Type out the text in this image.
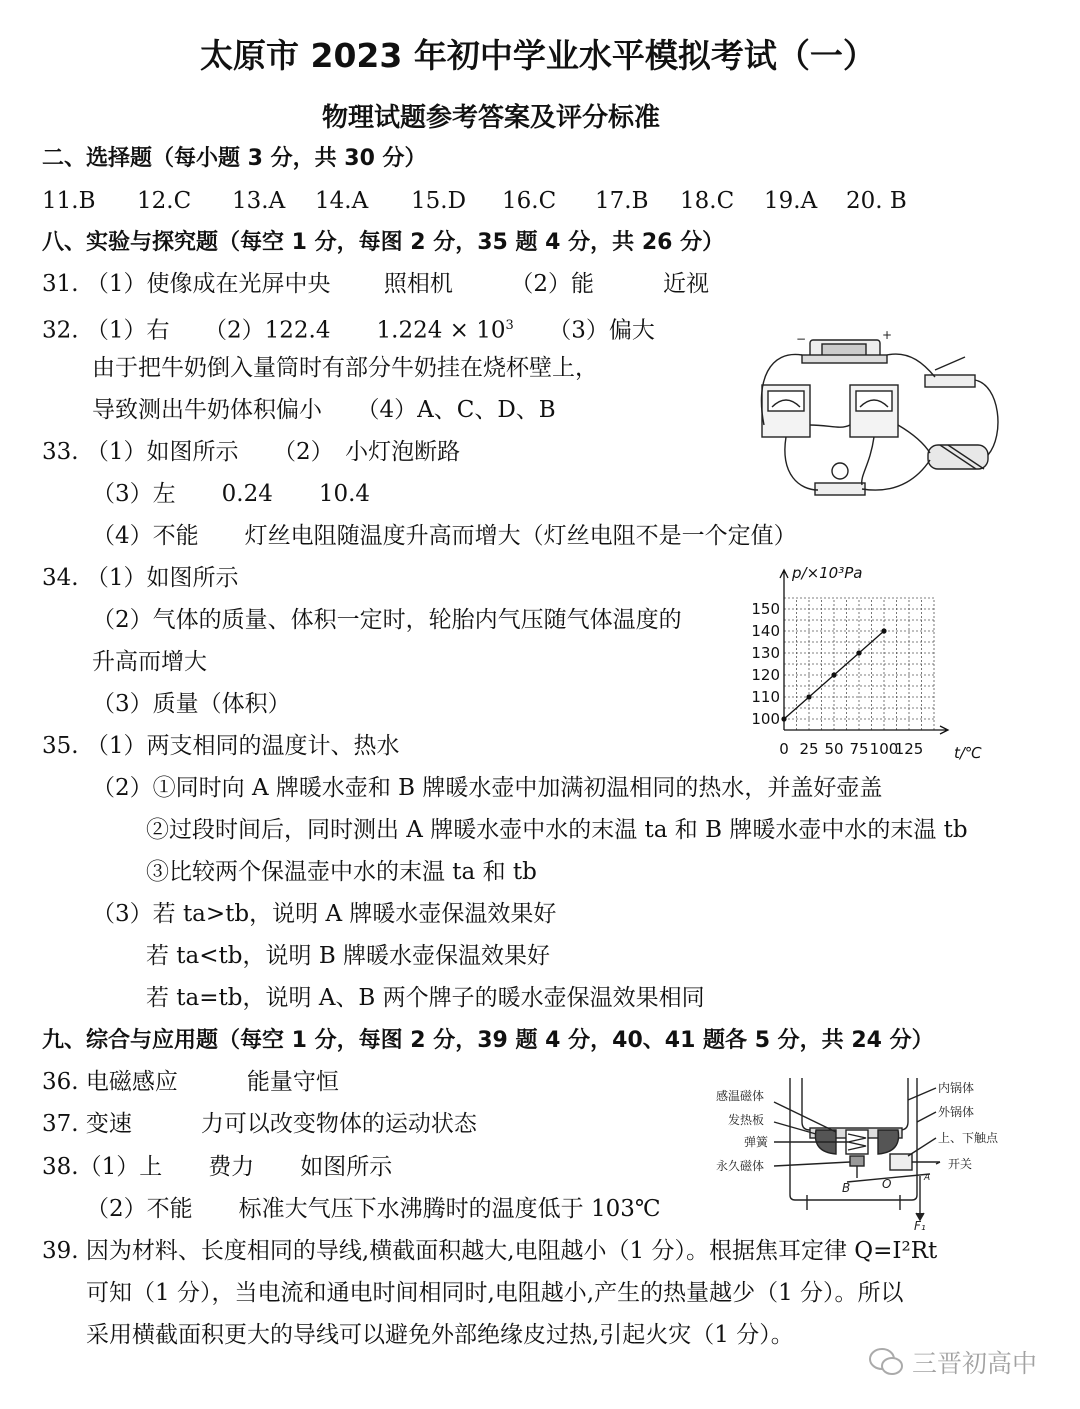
太原市 2023 年初中学业水平模拟考试（一）
物理试题参考答案及评分标准
二、选择题（每小题 3 分，共 30 分）
11.B 12.C 13.A 14.A 15.D 16.C 17.B 18.C 19.A 20. B
八、实验与探究题（每空 1 分，每图 2 分，35 题 4 分，共 26 分）
31. （1）使像成在光屏中央　　 照相机　　　（2）能　　　近视
32. （1）右　　（2）122.4　　$1.224 \times 10^3$　　（3）偏大
由于把牛奶倒入量筒时有部分牛奶挂在烧杯壁上，
导致测出牛奶体积偏小　　（4）A、C、D、B
33. （1）如图所示　　（2）　小灯泡断路
（3）左　　0.24　　10.4
（4）不能　　灯丝电阻随温度升高而增大（灯丝电阻不是一个定值）
34. （1）如图所示
（2）气体的质量、体积一定时，轮胎内气压随气体温度的
升高而增大
（3）质量（体积）
35. （1）两支相同的温度计、热水
（2）①同时向 A 牌暖水壶和 B 牌暖水壶中加满初温相同的热水，并盖好壶盖
②过段时间后，同时测出 A 牌暖水壶中水的末温 ta 和 B 牌暖水壶中水的末温 tb
③比较两个保温壶中水的末温 ta 和 tb
（3）若 ta>tb，说明 A 牌暖水壶保温效果好
若 ta<tb，说明 B 牌暖水壶保温效果好
若 ta=tb，说明 A、B 两个牌子的暖水壶保温效果相同
九、综合与应用题（每空 1 分，每图 2 分，39 题 4 分，40、41 题各 5 分，共 24 分）
36. 电磁感应　　　能量守恒
37. 变速　　　力可以改变物体的运动状态
38.（1）上　　费力　　如图所示
（2）不能　　标准大气压下水沸腾时的温度低于 103℃
39. 因为材料、长度相同的导线,横截面积越大,电阻越小（1 分）。根据焦耳定律 Q=I²Rt
可知（1 分），当电流和通电时间相同时,电阻越小,产生的热量越少（1 分）。所以
采用横截面积更大的导线可以避免外部绝缘皮过热,引起火灾（1 分）。
−	+
0 25 50 75 100
125
100
110
120
130
140
150
p/×10³Pa
t/℃
感温磁体
发热板
弹簧
永久磁体
内锅体
外锅体
上、下触点
开关
B	O	A
F₁
三晋初高中
